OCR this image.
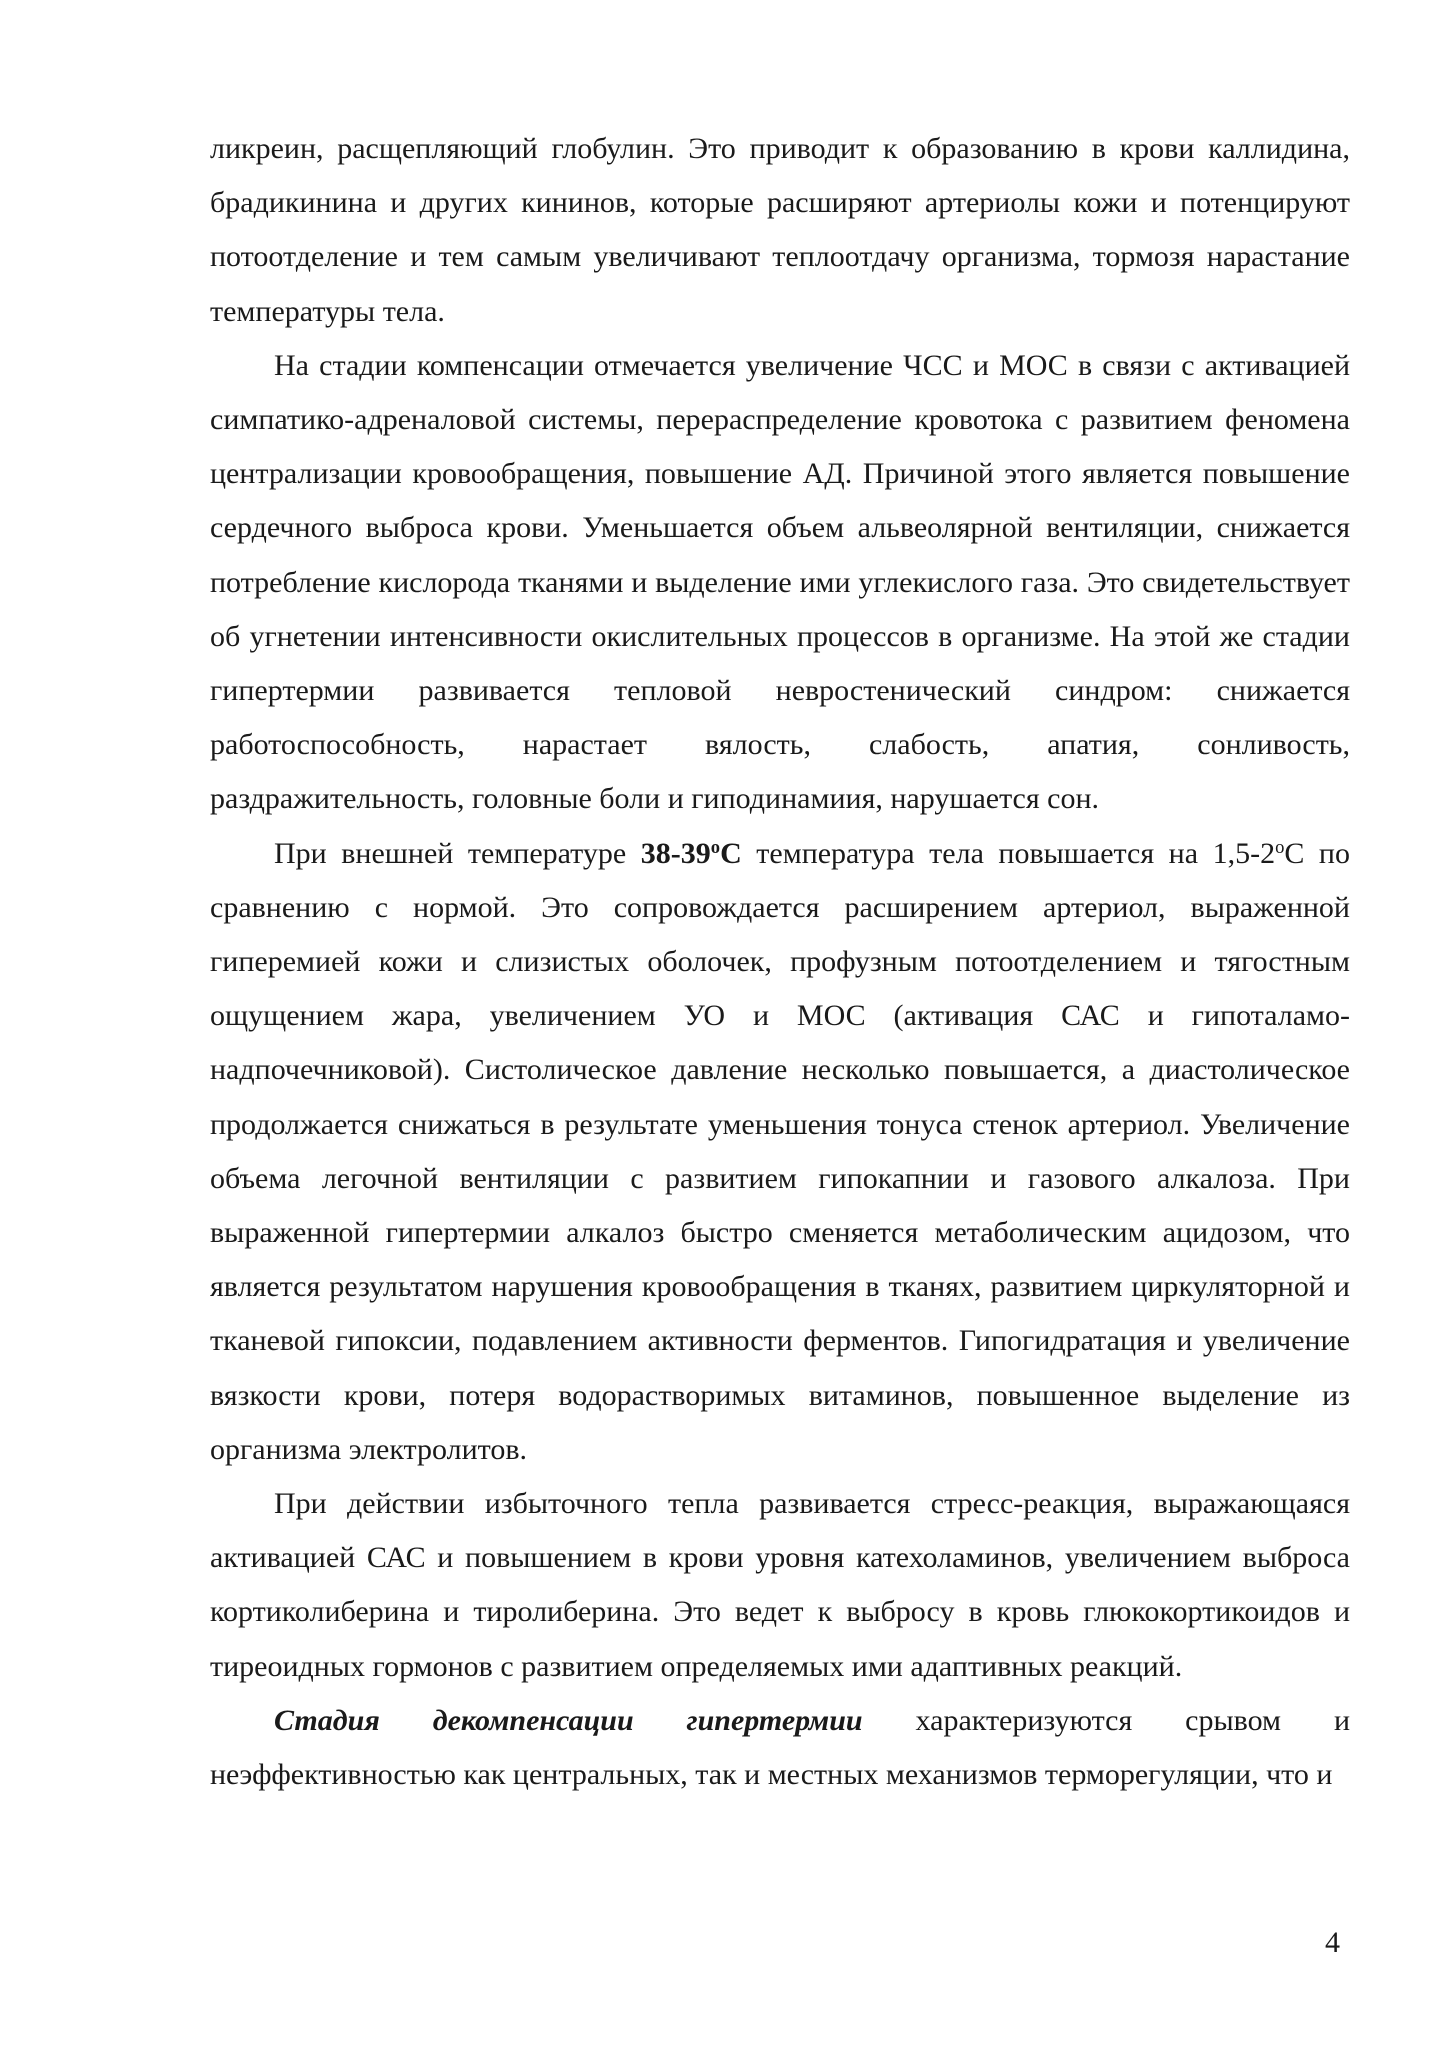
ликреин, расщепляющий глобулин. Это приводит к образованию в крови каллидина, брадикинина и других кининов, которые расширяют артериолы кожи и потенцируют потоотделение и тем самым увеличивают теплоотдачу организма, тормозя нарастание температуры тела.

На стадии компенсации отмечается увеличение ЧСС и МОС в связи с активацией симпатико-адреналовой системы, перераспределение кровотока с развитием феномена централизации кровообращения, повышение АД. Причиной этого является повышение сердечного выброса крови. Уменьшается объем альвеолярной вентиляции, снижается потребление кислорода тканями и выделение ими углекислого газа. Это свидетельствует об угнетении интенсивности окислительных процессов в организме. На этой же стадии гипертермии развивается тепловой невростенический синдром: снижается работоспособность, нарастает вялость, слабость, апатия, сонливость, раздражительность, головные боли и гиподинамиия, нарушается сон.

При внешней температуре $38-39^оС$ температура тела повышается на $1,5-2^оС$ по сравнению с нормой. Это сопровождается расширением артериол, выраженной гиперемией кожи и слизистых оболочек, профузным потоотделением и тягостным ощущением жара, увеличением УО и МОС (активация САС и гипоталамо-надпочечниковой). Систолическое давление несколько повышается, а диастолическое продолжается снижаться в результате уменьшения тонуса стенок артериол. Увеличение объема легочной вентиляции с развитием гипокапнии и газового алкалоза. При выраженной гипертермии алкалоз быстро сменяется метаболическим ацидозом, что является результатом нарушения кровообращения в тканях, развитием циркуляторной и тканевой гипоксии, подавлением активности ферментов. Гипогидратация и увеличение вязкости крови, потеря водорастворимых витаминов, повышенное выделение из организма электролитов.

При действии избыточного тепла развивается стресс-реакция, выражающаяся активацией САС и повышением в крови уровня катехоламинов, увеличением выброса кортиколиберина и тиролиберина. Это ведет к выбросу в кровь глюкокортикоидов и тиреоидных гормонов с развитием определяемых ими адаптивных реакций.

Стадия декомпенсации гипертермии характеризуются срывом и неэффективностью как центральных, так и местных механизмов терморегуляции, что и

4
